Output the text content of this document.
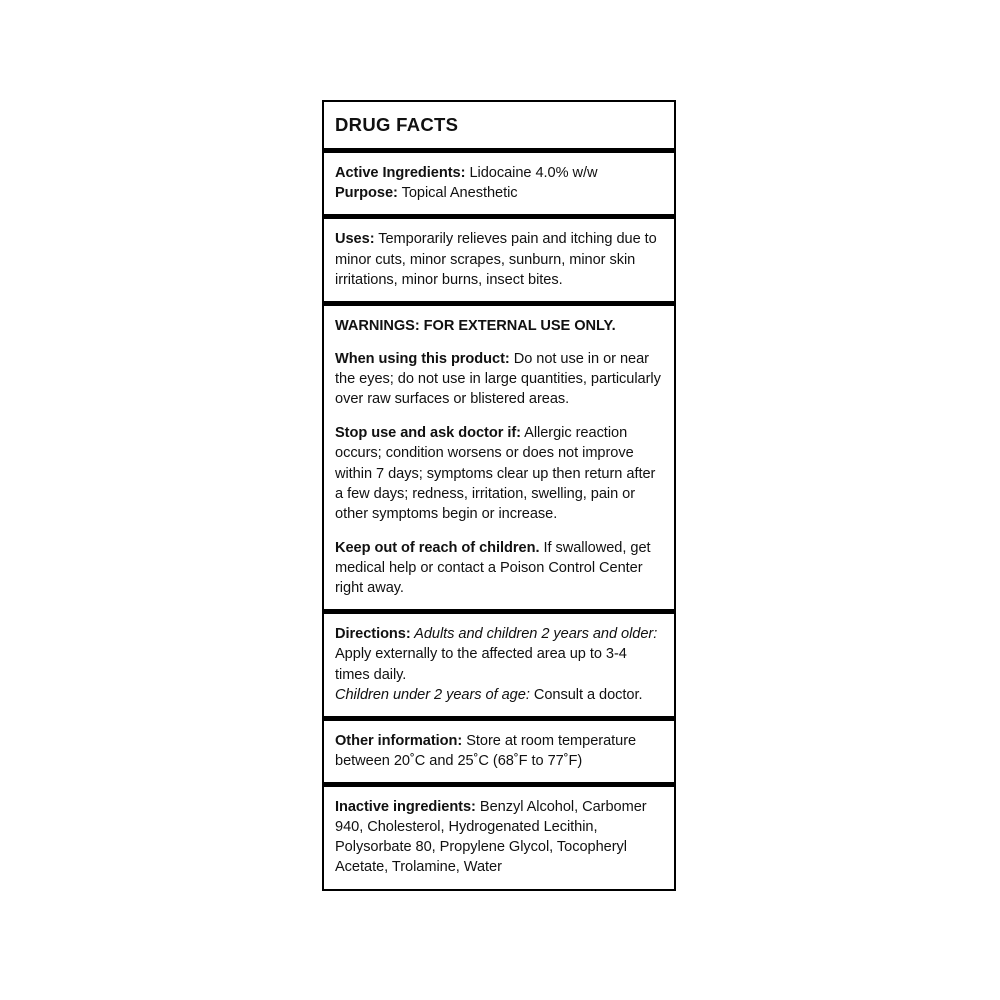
DRUG FACTS
Active Ingredients: Lidocaine 4.0% w/w
Purpose: Topical Anesthetic
Uses: Temporarily relieves pain and itching due to minor cuts, minor scrapes, sunburn, minor skin irritations, minor burns, insect bites.
WARNINGS: FOR EXTERNAL USE ONLY.
When using this product: Do not use in or near the eyes; do not use in large quantities, particularly over raw surfaces or blistered areas.
Stop use and ask doctor if: Allergic reaction occurs; condition worsens or does not improve within 7 days; symptoms clear up then return after a few days; redness, irritation, swelling, pain or other symptoms begin or increase.
Keep out of reach of children. If swallowed, get medical help or contact a Poison Control Center right away.
Directions: Adults and children 2 years and older: Apply externally to the affected area up to 3-4 times daily.
Children under 2 years of age: Consult a doctor.
Other information: Store at room temperature between 20˚C and 25˚C (68˚F to 77˚F)
Inactive ingredients: Benzyl Alcohol, Carbomer 940, Cholesterol, Hydrogenated Lecithin, Polysorbate 80, Propylene Glycol, Tocopheryl Acetate, Trolamine, Water
